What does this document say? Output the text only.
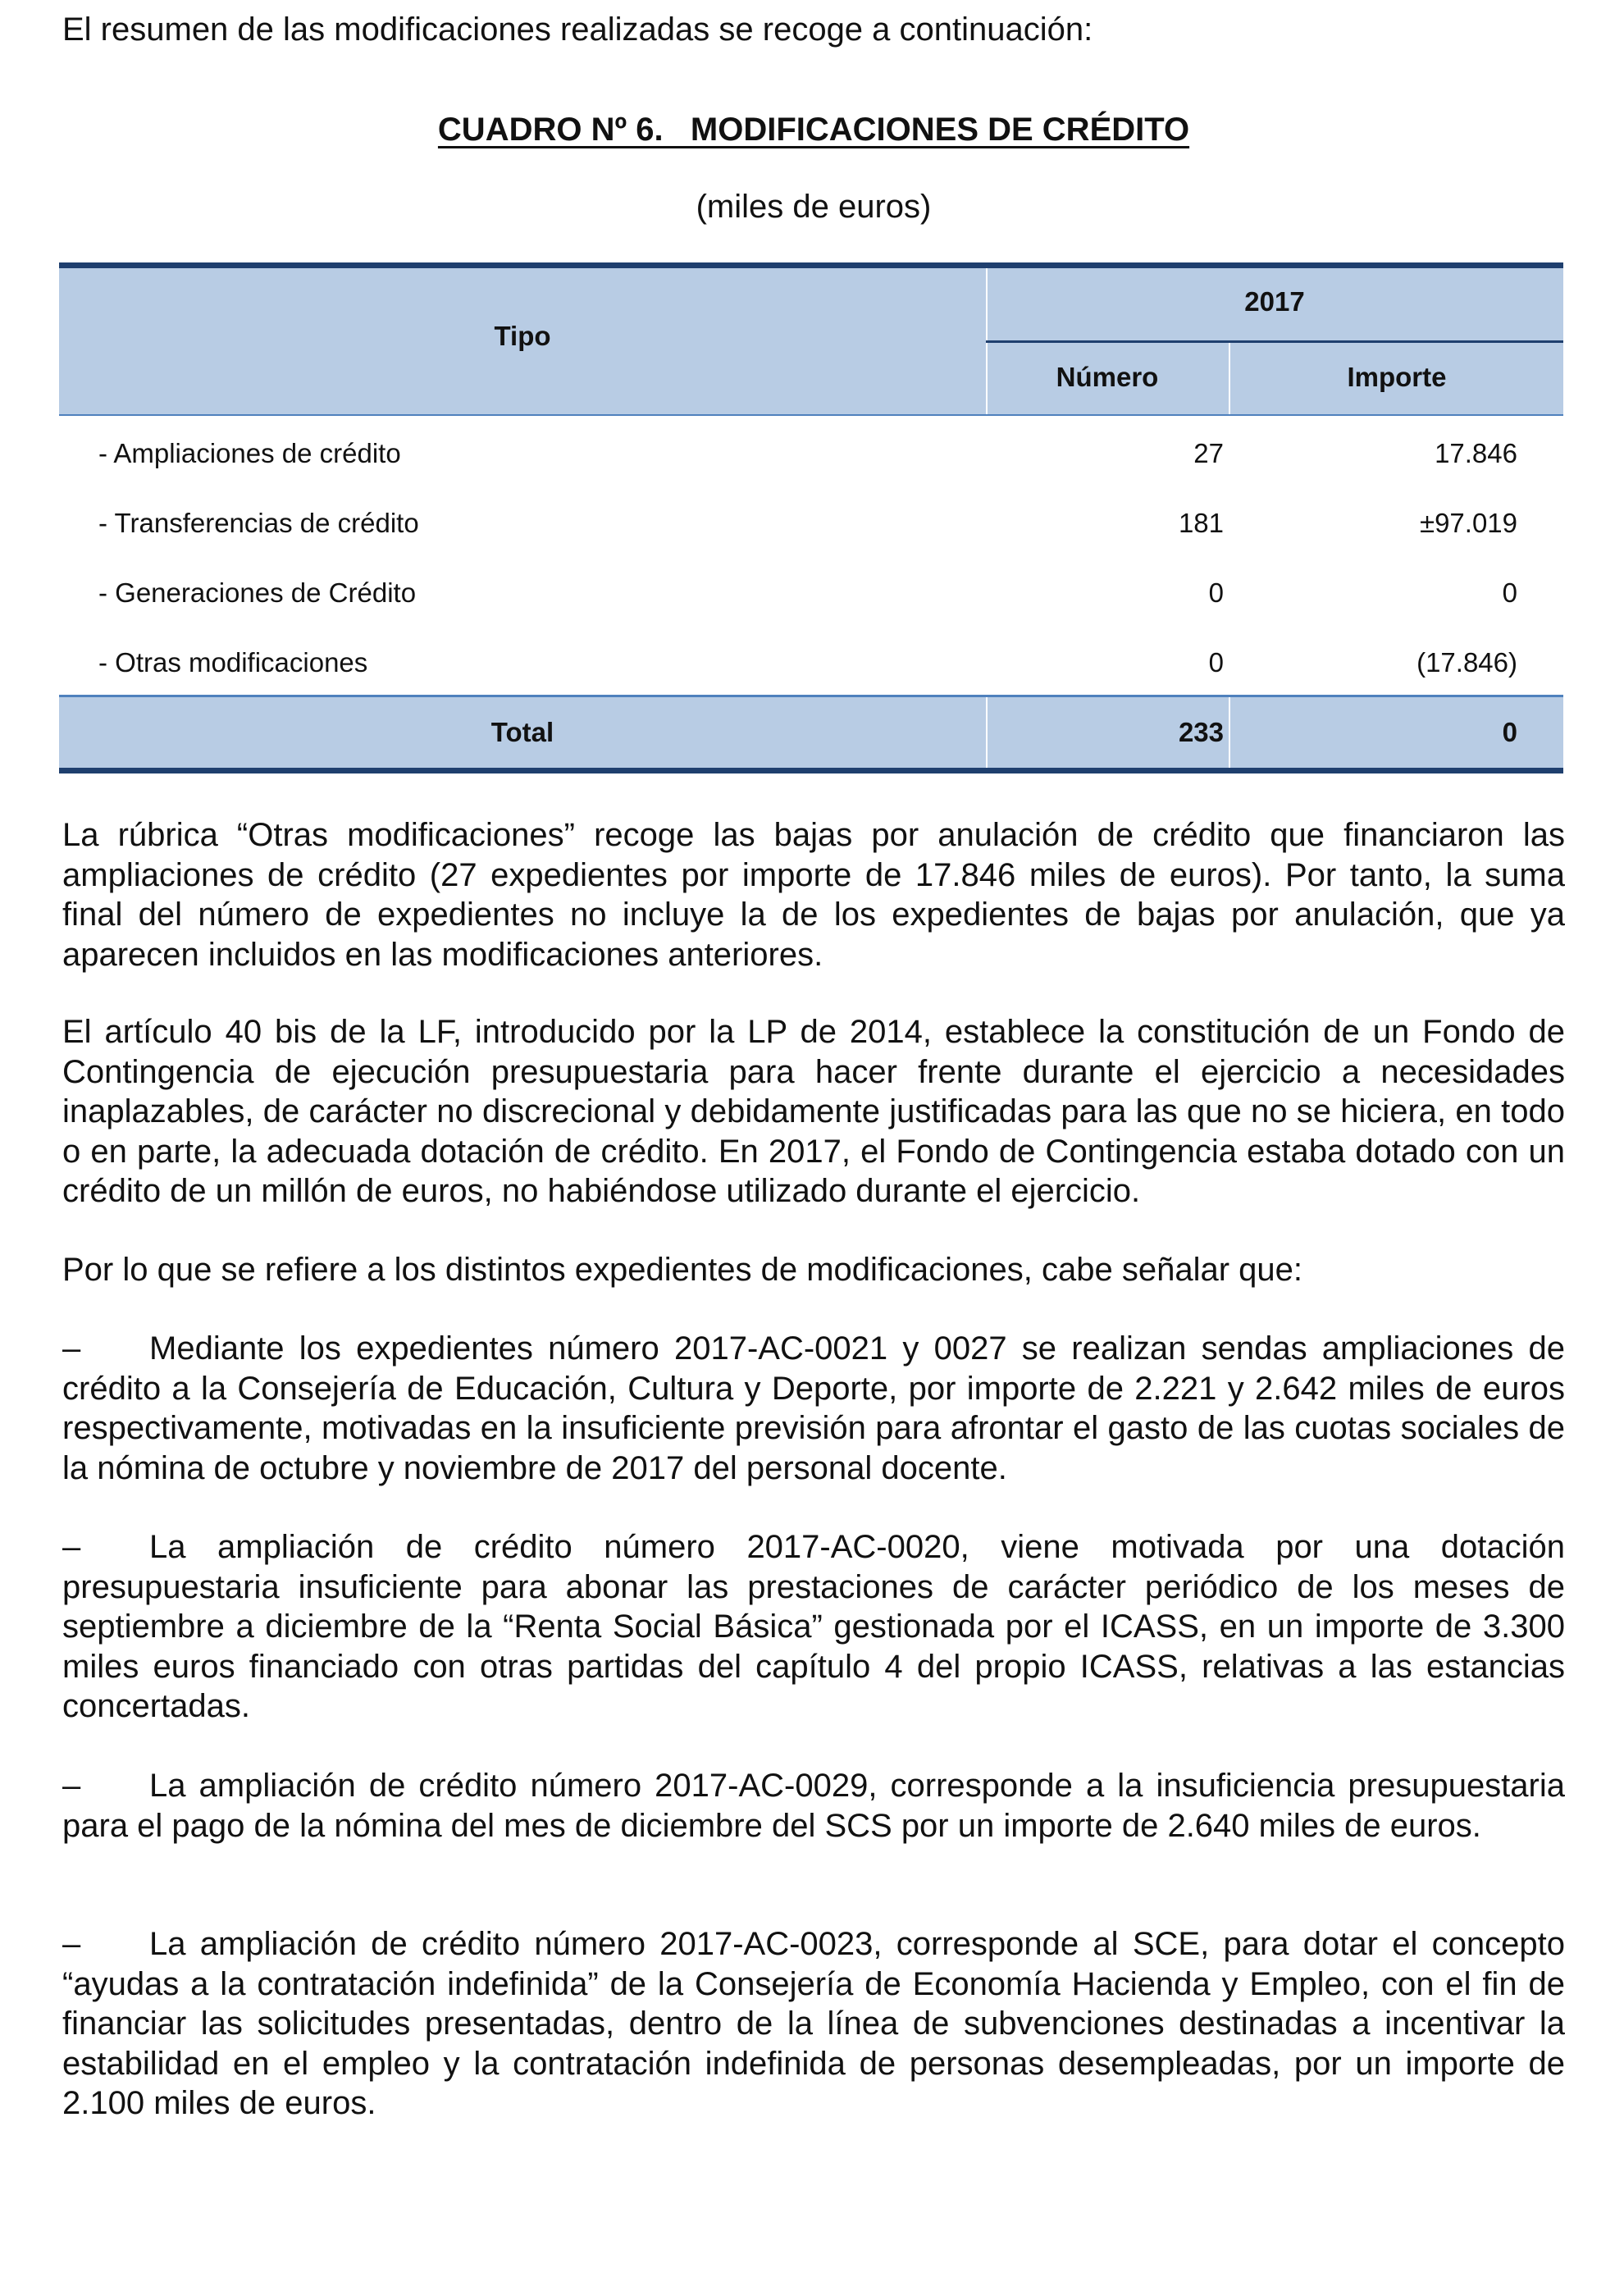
El resumen de las modificaciones realizadas se recoge a continuación:

CUADRO Nº 6.   MODIFICACIONES DE CRÉDITO
(miles de euros)
Tipo
2017
Número	Importe
- Ampliaciones de crédito	27	17.846
- Transferencias de crédito	181	±97.019
- Generaciones de Crédito	0	0
- Otras modificaciones	0	(17.846)
Total	233	0

La rúbrica “Otras modificaciones” recoge las bajas por anulación de crédito que financiaron las ampliaciones de crédito (27 expedientes por importe de 17.846 miles de euros). Por tanto, la suma final del número de expedientes no incluye la de los expedientes de bajas por anulación, que ya aparecen incluidos en las modificaciones anteriores.

El artículo 40 bis de la LF, introducido por la LP de 2014, establece la constitución de un Fondo de Contingencia de ejecución presupuestaria para hacer frente durante el ejercicio a necesidades inaplazables, de carácter no discrecional y debidamente justificadas para las que no se hiciera, en todo o en parte, la adecuada dotación de crédito. En 2017, el Fondo de Contingencia estaba dotado con un crédito de un millón de euros, no habiéndose utilizado durante el ejercicio.

Por lo que se refiere a los distintos expedientes de modificaciones, cabe señalar que:

– Mediante los expedientes número 2017-AC-0021 y 0027 se realizan sendas ampliaciones de crédito a la Consejería de Educación, Cultura y Deporte, por importe de 2.221 y 2.642 miles de euros respectivamente, motivadas en la insuficiente previsión para afrontar el gasto de las cuotas sociales de la nómina de octubre y noviembre de 2017 del personal docente.

– La ampliación de crédito número 2017-AC-0020, viene motivada por una dotación presupuestaria insuficiente para abonar las prestaciones de carácter periódico de los meses de septiembre a diciembre de la “Renta Social Básica” gestionada por el ICASS, en un importe de 3.300 miles euros financiado con otras partidas del capítulo 4 del propio ICASS, relativas a las estancias concertadas.

– La ampliación de crédito número 2017-AC-0029, corresponde a la insuficiencia presupuestaria para el pago de la nómina del mes de diciembre del SCS por un importe de 2.640 miles de euros.

– La ampliación de crédito número 2017-AC-0023, corresponde al SCE, para dotar el concepto “ayudas a la contratación indefinida” de la Consejería de Economía Hacienda y Empleo, con el fin de financiar las solicitudes presentadas, dentro de la línea de subvenciones destinadas a incentivar la estabilidad en el empleo y la contratación indefinida de personas desempleadas, por un importe de 2.100 miles de euros.
